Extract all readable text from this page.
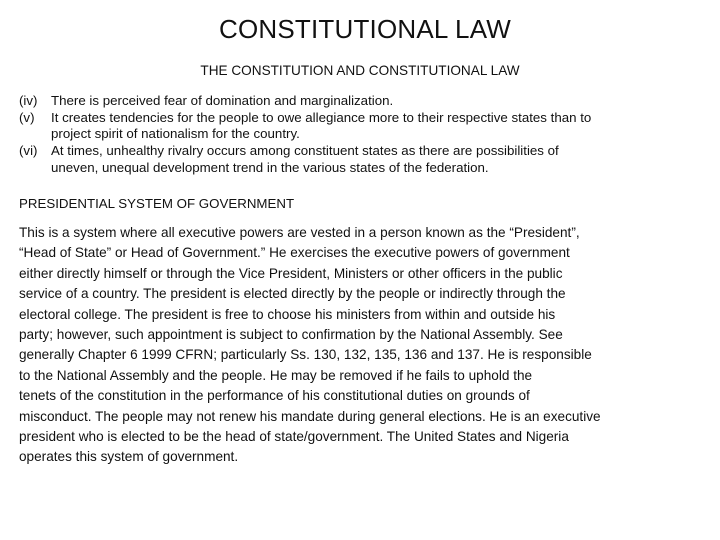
CONSTITUTIONAL LAW
THE CONSTITUTION AND CONSTITUTIONAL LAW
(iv)	There is perceived fear of domination and marginalization.
(v)	It creates tendencies for the people to owe allegiance more to their respective states than to
project spirit of nationalism for the country.
(vi)	At times, unhealthy rivalry occurs among constituent states as there are possibilities of
uneven, unequal development trend in the various states of the federation.
PRESIDENTIAL SYSTEM OF GOVERNMENT

This is a system where all executive powers are vested in a person known as the “President”,
“Head of State” or Head of Government.” He exercises the executive powers of government
either directly himself or through the Vice President, Ministers or other officers in the public
service of a country. The president is elected directly by the people or indirectly through the
electoral college. The president is free to choose his ministers from within and outside his
party; however, such appointment is subject to confirmation by the National Assembly. See
generally Chapter 6 1999 CFRN; particularly Ss. 130, 132, 135, 136 and 137. He is responsible
to the National Assembly and the people. He may be removed if he fails to uphold the
tenets of the constitution in the performance of his constitutional duties on grounds of
misconduct. The people may not renew his mandate during general elections. He is an executive
president who is elected to be the head of state/government. The United States and Nigeria
operates this system of government.
